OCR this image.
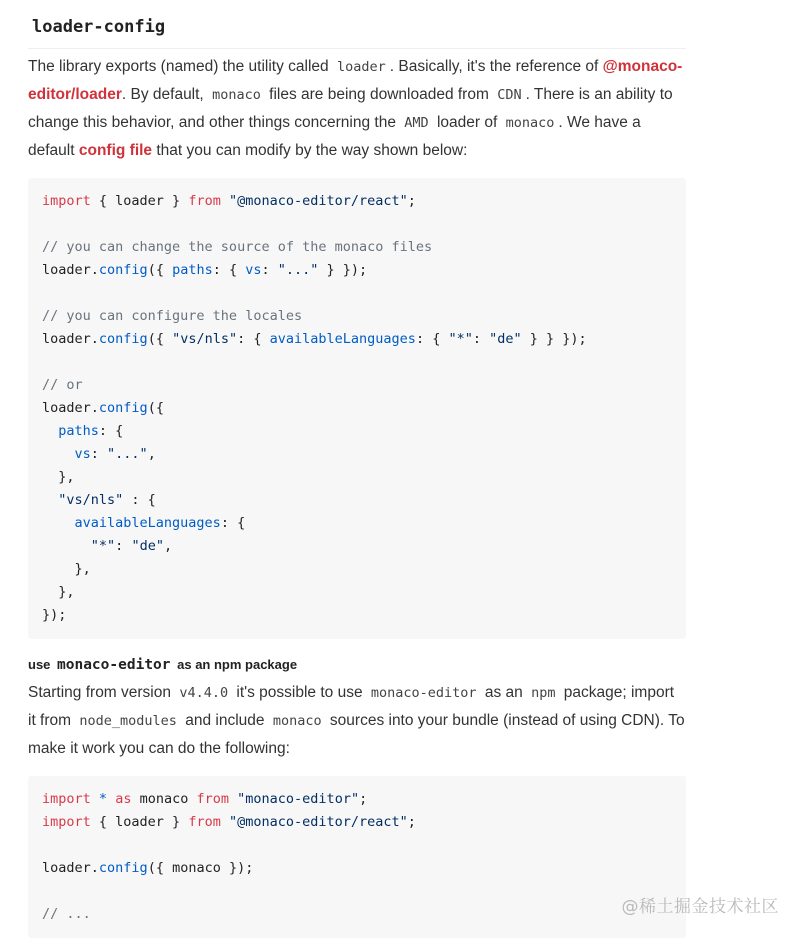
loader-config

The library exports (named) the utility called loader . Basically, it's the reference of @monaco-editor/loader. By default, monaco files are being downloaded from CDN . There is an ability to change this behavior, and other things concerning the AMD loader of monaco . We have a default config file that you can modify by the way shown below:

import { loader } from "@monaco-editor/react";

// you can change the source of the monaco files
loader.config({ paths: { vs: "..." } });

// you can configure the locales
loader.config({ "vs/nls": { availableLanguages: { "*": "de" } } });

// or
loader.config({
paths: {
vs: "...",
},
"vs/nls" : {
availableLanguages: {
"*": "de",
},
},
});
use monaco-editor as an npm package

Starting from version v4.4.0 it's possible to use monaco-editor as an npm package; import it from node_modules and include monaco sources into your bundle (instead of using CDN). To make it work you can do the following:

import * as monaco from "monaco-editor";
import { loader } from "@monaco-editor/react";

loader.config({ monaco });

// ...	@稀土掘金技术社区
